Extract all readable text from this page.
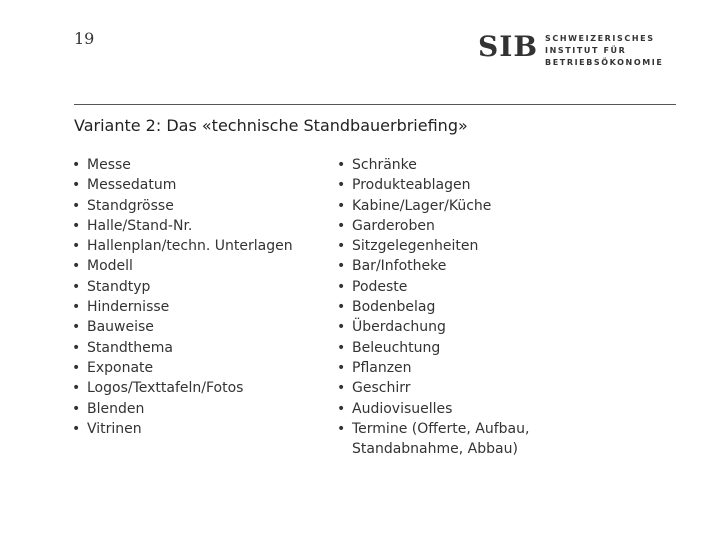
19	SIB SCHWEIZERISCHES
INSTITUT FÜR
BETRIEBSÖKONOMIE
Variante 2: Das «technische Standbauerbriefing»
• Messe
• Messedatum
• Standgrösse
• Halle/Stand-Nr.
• Hallenplan/techn. Unterlagen
• Modell
• Standtyp
• Hindernisse
• Bauweise
• Standthema
• Exponate
• Logos/Texttafeln/Fotos
• Blenden
• Vitrinen
• Schränke
• Produkteablagen
• Kabine/Lager/Küche
• Garderoben
• Sitzgelegenheiten
• Bar/Infotheke
• Podeste
• Bodenbelag
• Überdachung
• Beleuchtung
• Pflanzen
• Geschirr
• Audiovisuelles
• Termine (Offerte, Aufbau, Standabnahme, Abbau)
